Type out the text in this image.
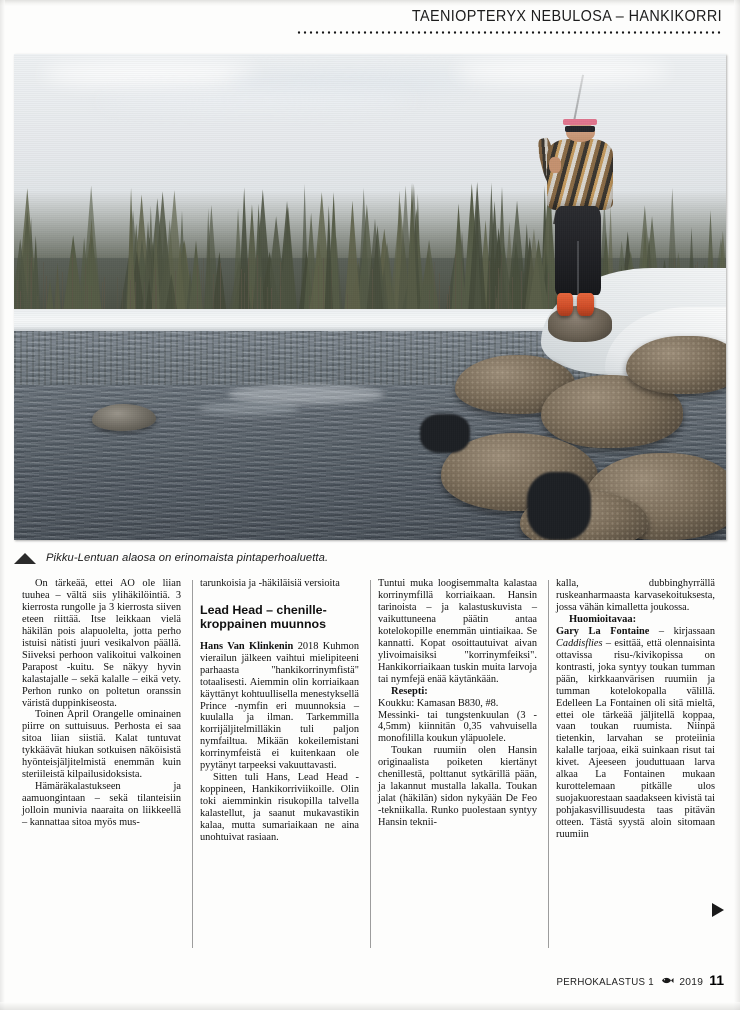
TAENIOPTERYX NEBULOSA – HANKIKORRI
Pikku-Lentuan alaosa on erinomaista pintaperhoaluetta.

On tärkeää, ettei AO ole liian tuuhea – vältä siis ylihäkilöintiä. 3 kierrosta rungolle ja 3 kierrosta siiven eteen riittää. Itse leikkaan vielä häkilän pois alapuolelta, jotta perho istuisi nätisti juuri vesikalvon päällä. Siiveksi perhoon valikoitui valkoinen Parapost -kuitu. Se näkyy hyvin kalastajalle – sekä kalalle – eikä vety. Perhon runko on poltetun oranssin väristä duppinkiseosta.

Toinen April Orangelle ominainen piirre on suttuisuus. Perhosta ei saa sitoa liian siistiä. Kalat tuntuvat tykkäävät hiukan sotkuisen näköisistä hyönteisjäljitelmistä enemmän kuin steriileistä kilpailusidoksista.

Hämäräkalastukseen ja aamuongintaan – sekä tilanteisiin jolloin munivia naaraita on liikkeellä – kannattaa sitoa myös mus-

tarunkoisia ja -häkiläisiä versioita

Lead Head – chenille-kroppainen muunnos

Hans Van Klinkenin 2018 Kuhmon vierailun jälkeen vaihtui mielipiteeni parhaasta "hankikorrinymfistä" totaalisesti. Aiemmin olin korriaikaan käyttänyt kohtuullisella menestyksellä Prince -nymfin eri muunnoksia – kuulalla ja ilman. Tarkemmilla korrijäljitelmilläkin tuli paljon nymfailtua. Mikään kokeilemistani korrinymfeistä ei kuitenkaan ole pyytänyt tarpeeksi vakuuttavasti.

Sitten tuli Hans, Lead Head -koppineen, Hankikorriviikoille. Olin toki aiemminkin risukopilla talvella kalastellut, ja saanut mukavastikin kalaa, mutta sumariaikaan ne aina unohtuivat rasiaan.

Tuntui muka loogisemmalta kalastaa korrinymfillä korriaikaan. Hansin tarinoista – ja kalastuskuvista – vaikuttuneena päätin antaa kotelokopille enemmän uintiaikaa. Se kannatti. Kopat osoittautuivat aivan ylivoimaisiksi "korrinymfeiksi". Hankikorriaikaan tuskin muita larvoja tai nymfejä enää käytänkään.

Resepti:

Koukku: Kamasan B830, #8.

Messinki- tai tungstenkuulan (3 - 4,5mm) kiinnitän 0,35 vahvuisella monofililla koukun yläpuolele.

Toukan ruumiin olen Hansin originaalista poiketen kiertänyt chenillestä, polttanut sytkärillä pään, ja lakannut mustalla lakalla. Toukan jalat (häkilän) sidon nykyään De Feo -tekniikalla. Runko puolestaan syntyy Hansin teknii-

kalla, dubbinghyrrällä ruskeanharmaasta karvasekoituksesta, jossa vähän kimalletta joukossa.

Huomioitavaa:

Gary La Fontaine – kirjassaan Caddisflies – esittää, että olennaisinta ottavissa risu-/kivikopissa on kontrasti, joka syntyy toukan tumman pään, kirkkaanvärisen ruumiin ja tumman kotelokopalla välillä. Edelleen La Fontainen oli sitä mieltä, ettei ole tärkeää jäljitellä koppaa, vaan toukan ruumista. Niinpä tietenkin, larvahan se proteiinia kalalle tarjoaa, eikä suinkaan risut tai kivet. Ajeeseen jouduttuaan larva alkaa La Fontainen mukaan kurottelemaan pitkälle ulos suojakuorestaan saadakseen kivistä tai pohjakasvillisuudesta taas pitävän otteen. Tästä syystä aloin sitomaan ruumiin

PERHOKALASTUS 1	2019 11
